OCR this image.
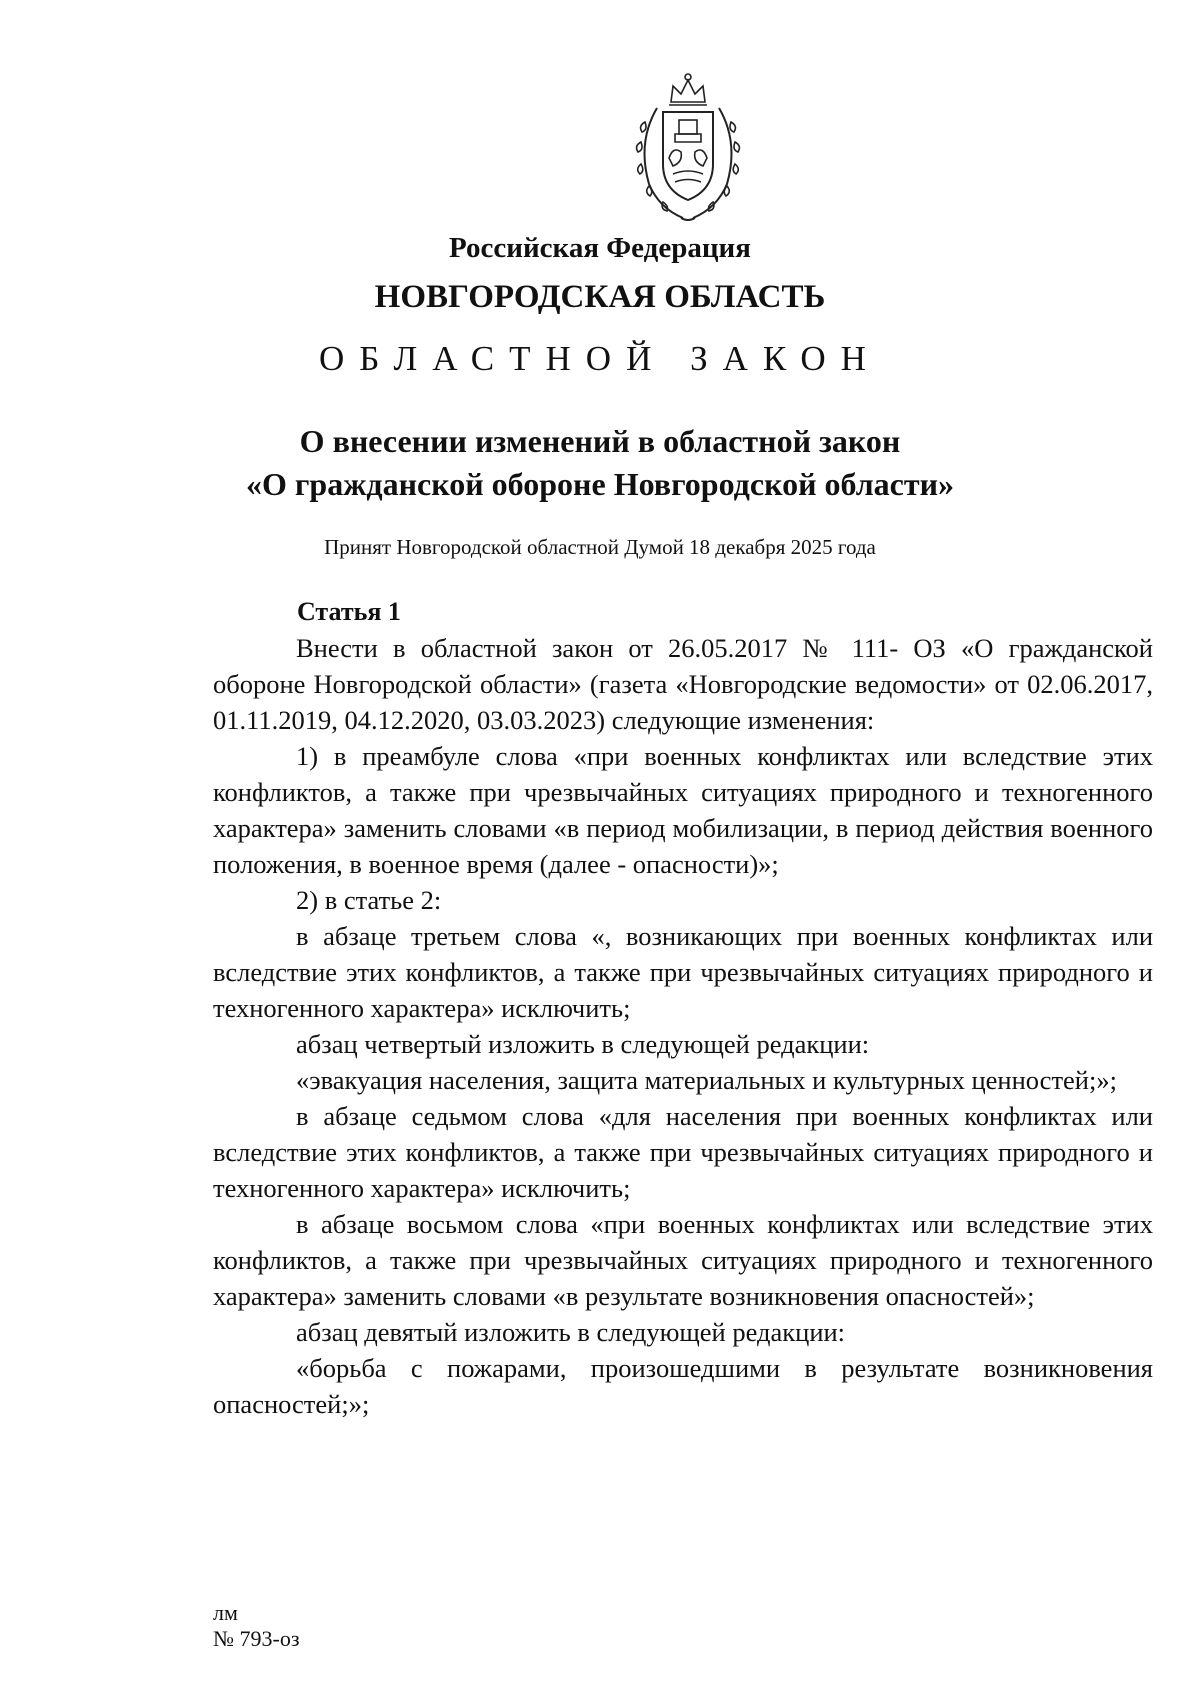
Российская Федерация
НОВГОРОДСКАЯ ОБЛАСТЬ
ОБЛАСТНОЙ ЗАКОН
О внесении изменений в областной закон
«О гражданской обороне Новгородской области»
Принят Новгородской областной Думой 18 декабря 2025 года
Статья 1

Внести в областной закон от 26.05.2017 № 111- ОЗ «О гражданской обороне Новгородской области» (газета «Новгородские ведомости» от 02.06.2017, 01.11.2019, 04.12.2020, 03.03.2023) следующие изменения:

1) в преамбуле слова «при военных конфликтах или вследствие этих конфликтов, а также при чрезвычайных ситуациях природного и техногенного характера» заменить словами «в период мобилизации, в период действия военного положения, в военное время (далее - опасности)»;

2) в статье 2:

в абзаце третьем слова «, возникающих при военных конфликтах или вследствие этих конфликтов, а также при чрезвычайных ситуациях природного и техногенного характера» исключить;

абзац четвертый изложить в следующей редакции:

«эвакуация населения, защита материальных и культурных ценностей;»;

в абзаце седьмом слова «для населения при военных конфликтах или вследствие этих конфликтов, а также при чрезвычайных ситуациях природного и техногенного характера» исключить;

в абзаце восьмом слова «при военных конфликтах или вследствие этих конфликтов, а также при чрезвычайных ситуациях природного и техногенного характера» заменить словами «в результате возникновения опасностей»;

абзац девятый изложить в следующей редакции:

«борьба с пожарами, произошедшими в результате возникновения опасностей;»;

лм
№ 793-оз
